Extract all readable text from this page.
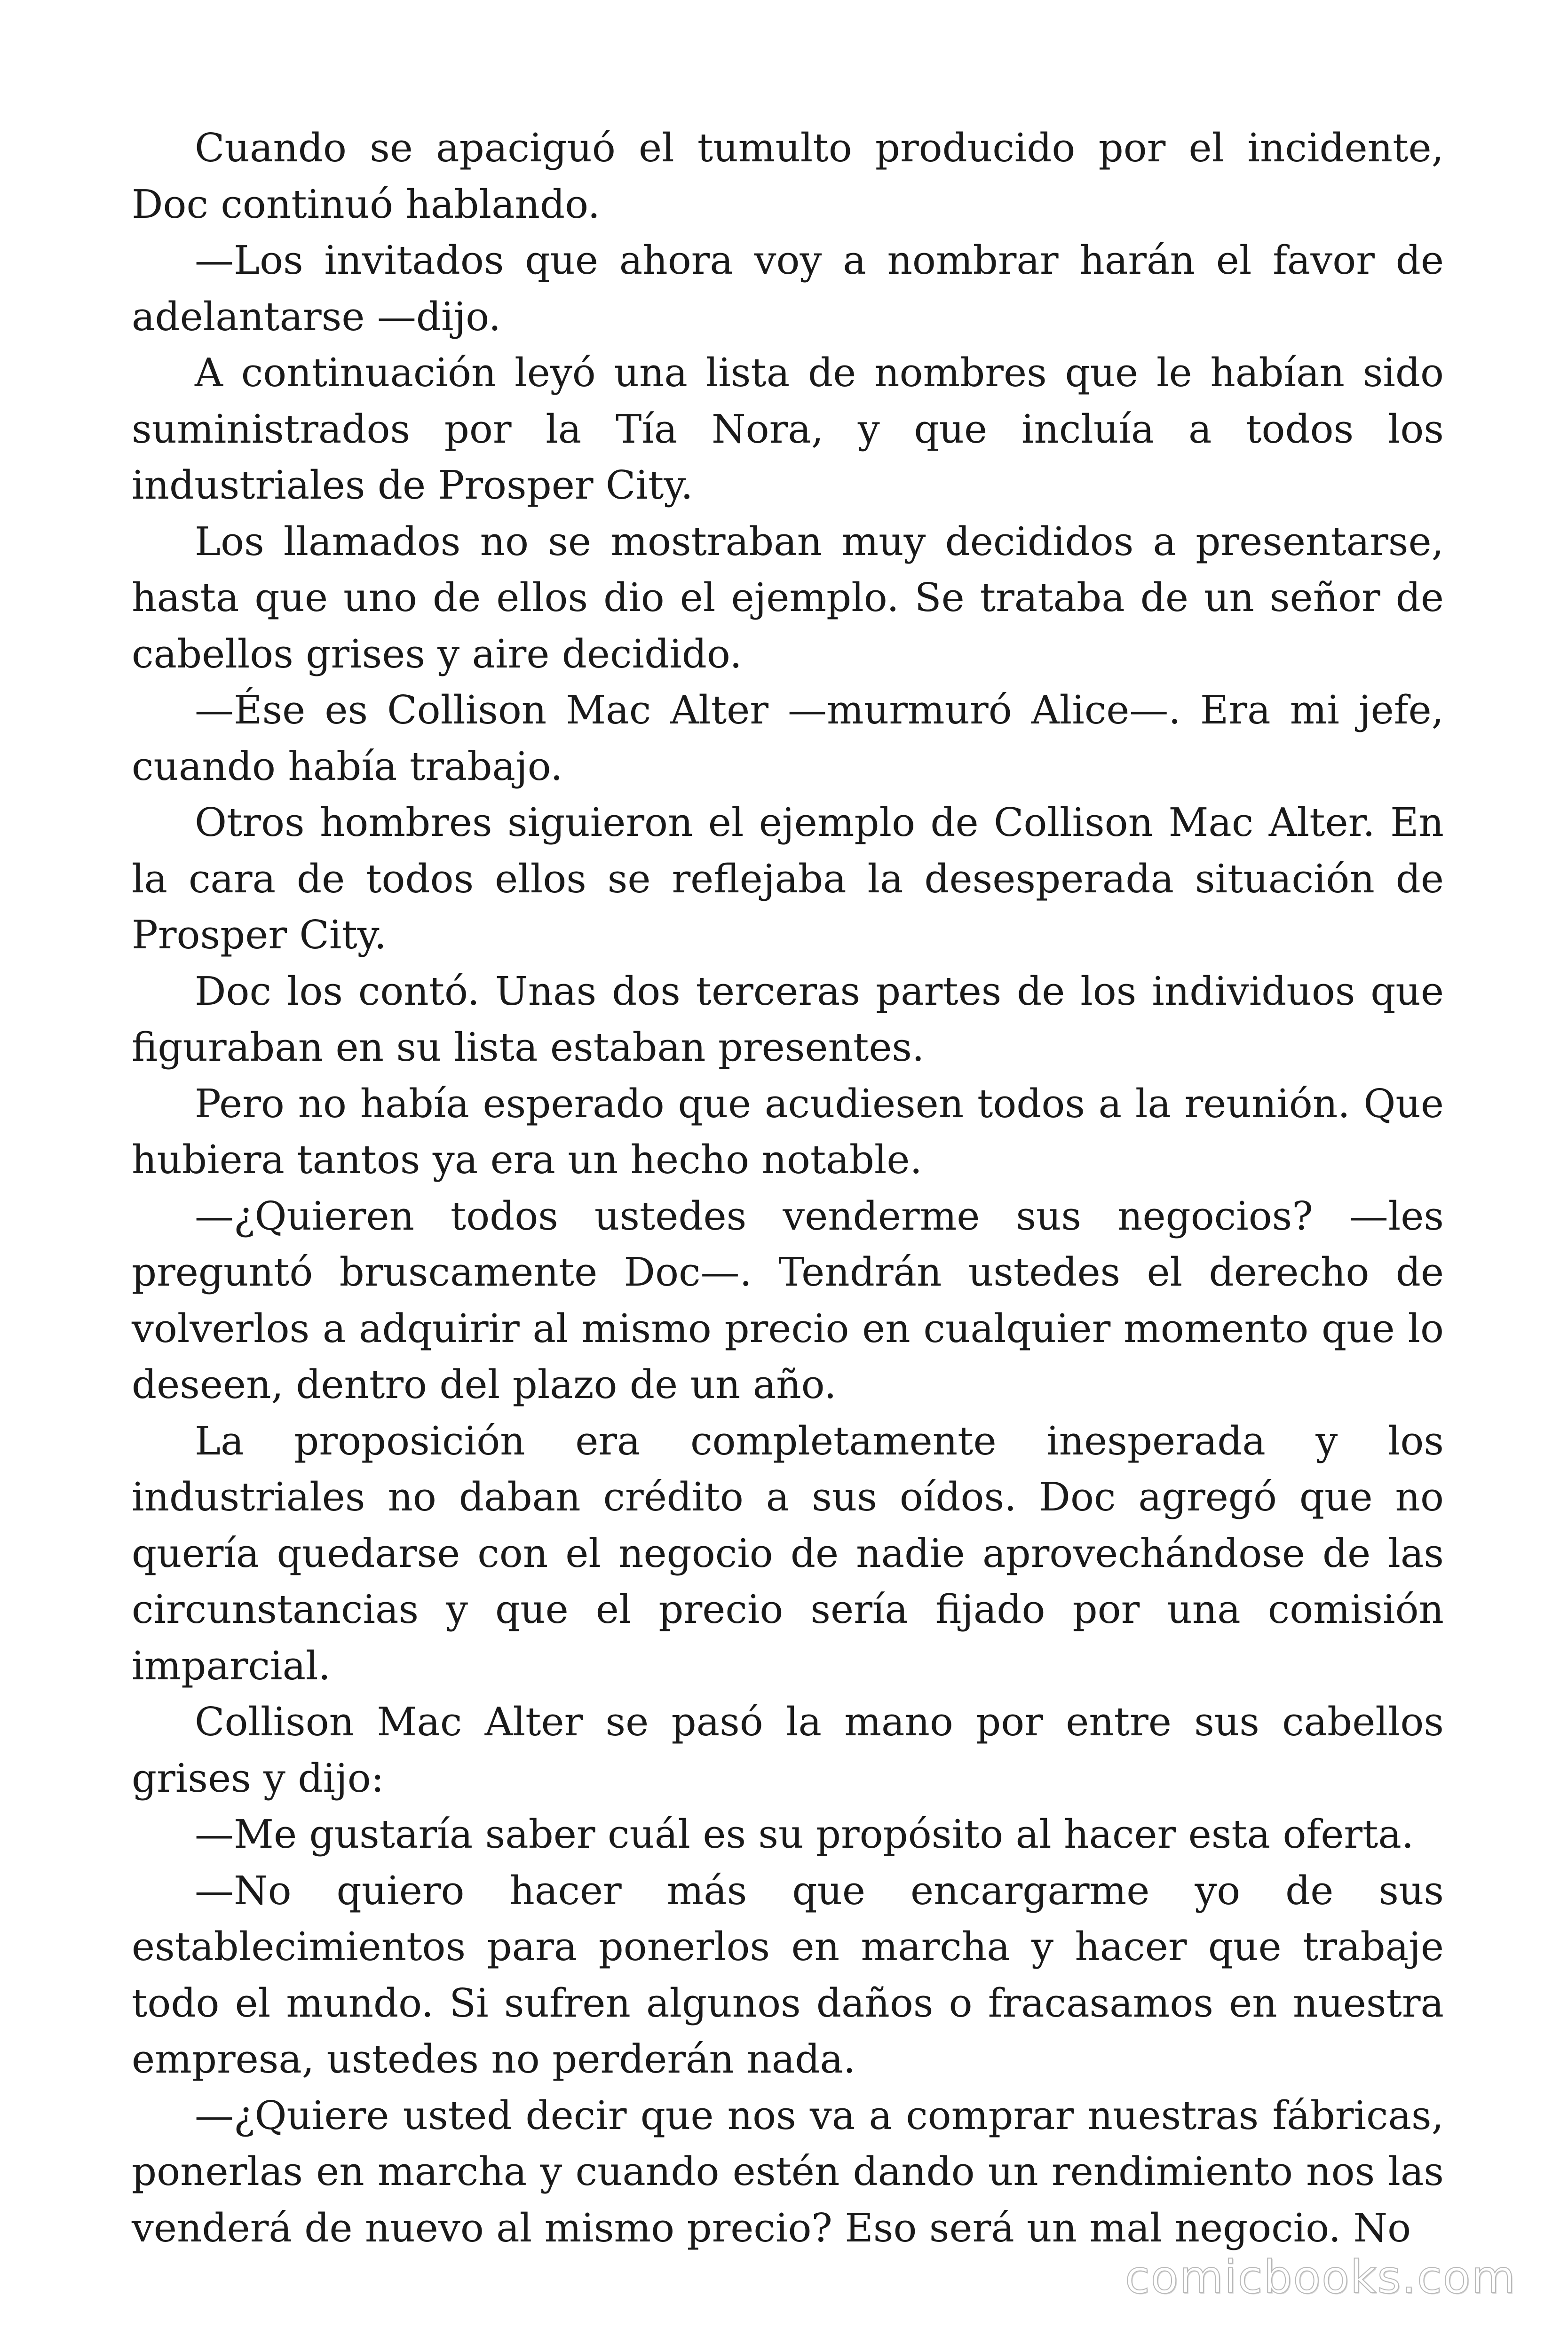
Cuando se apaciguó el tumulto producido por el incidente, Doc continuó hablando.

—Los invitados que ahora voy a nombrar harán el favor de adelantarse —dijo.

A continuación leyó una lista de nombres que le habían sido suministrados por la Tía Nora, y que incluía a todos los industriales de Prosper City.

Los llamados no se mostraban muy decididos a presentarse, hasta que uno de ellos dio el ejemplo. Se trataba de un señor de cabellos grises y aire decidido.

—Ése es Collison Mac Alter —murmuró Alice—. Era mi jefe, cuando había trabajo.

Otros hombres siguieron el ejemplo de Collison Mac Alter. En la cara de todos ellos se reflejaba la desesperada situación de Prosper City.

Doc los contó. Unas dos terceras partes de los individuos que figuraban en su lista estaban presentes.

Pero no había esperado que acudiesen todos a la reunión. Que hubiera tantos ya era un hecho notable.

—¿Quieren todos ustedes venderme sus negocios? —les preguntó bruscamente Doc—. Tendrán ustedes el derecho de volverlos a adquirir al mismo precio en cualquier momento que lo deseen, dentro del plazo de un año.

La proposición era completamente inesperada y los industriales no daban crédito a sus oídos. Doc agregó que no quería quedarse con el negocio de nadie aprovechándose de las circunstancias y que el precio sería fijado por una comisión imparcial.

Collison Mac Alter se pasó la mano por entre sus cabellos grises y dijo:

—Me gustaría saber cuál es su propósito al hacer esta oferta.

—No quiero hacer más que encargarme yo de sus establecimientos para ponerlos en marcha y hacer que trabaje todo el mundo. Si sufren algunos daños o fracasamos en nuestra empresa, ustedes no perderán nada.

—¿Quiere usted decir que nos va a comprar nuestras fábricas, ponerlas en marcha y cuando estén dando un rendimiento nos las venderá de nuevo al mismo precio? Eso será un mal negocio. No

comicbooks.com
